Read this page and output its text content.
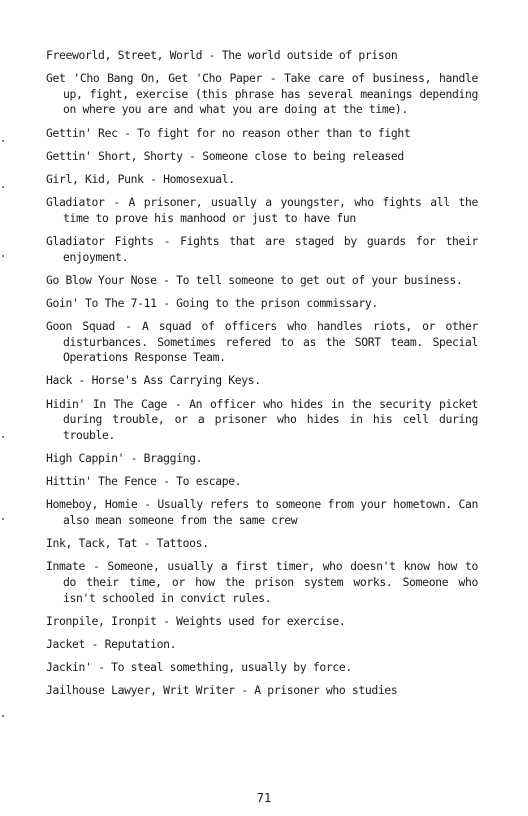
Freeworld, Street, World - The world outside of prison

Get 'Cho Bang On, Get 'Cho Paper - Take care of business, handle up, fight, exercise (this phrase has several meanings depending on where you are and what you are doing at the time).

Gettin' Rec - To fight for no reason other than to fight

Gettin' Short, Shorty - Someone close to being released

Girl, Kid, Punk - Homosexual.

Gladiator - A prisoner, usually a youngster, who fights all the time to prove his manhood or just to have fun

Gladiator Fights - Fights that are staged by guards for their enjoyment.

Go Blow Your Nose - To tell someone to get out of your business.

Goin' To The 7-11 - Going to the prison commissary.

Goon Squad - A squad of officers who handles riots, or other disturbances. Sometimes refered to as the SORT team. Special Operations Response Team.

Hack - Horse's Ass Carrying Keys.

Hidin' In The Cage - An officer who hides in the security picket during trouble, or a prisoner who hides in his cell during trouble.

High Cappin' - Bragging.

Hittin' The Fence - To escape.

Homeboy, Homie - Usually refers to someone from your hometown. Can also mean someone from the same crew

Ink, Tack, Tat - Tattoos.

Inmate - Someone, usually a first timer, who doesn't know how to do their time, or how the prison system works. Someone who isn't schooled in convict rules.

Ironpile, Ironpit - Weights used for exercise.

Jacket - Reputation.

Jackin' - To steal something, usually by force.

Jailhouse Lawyer, Writ Writer - A prisoner who studies

71
